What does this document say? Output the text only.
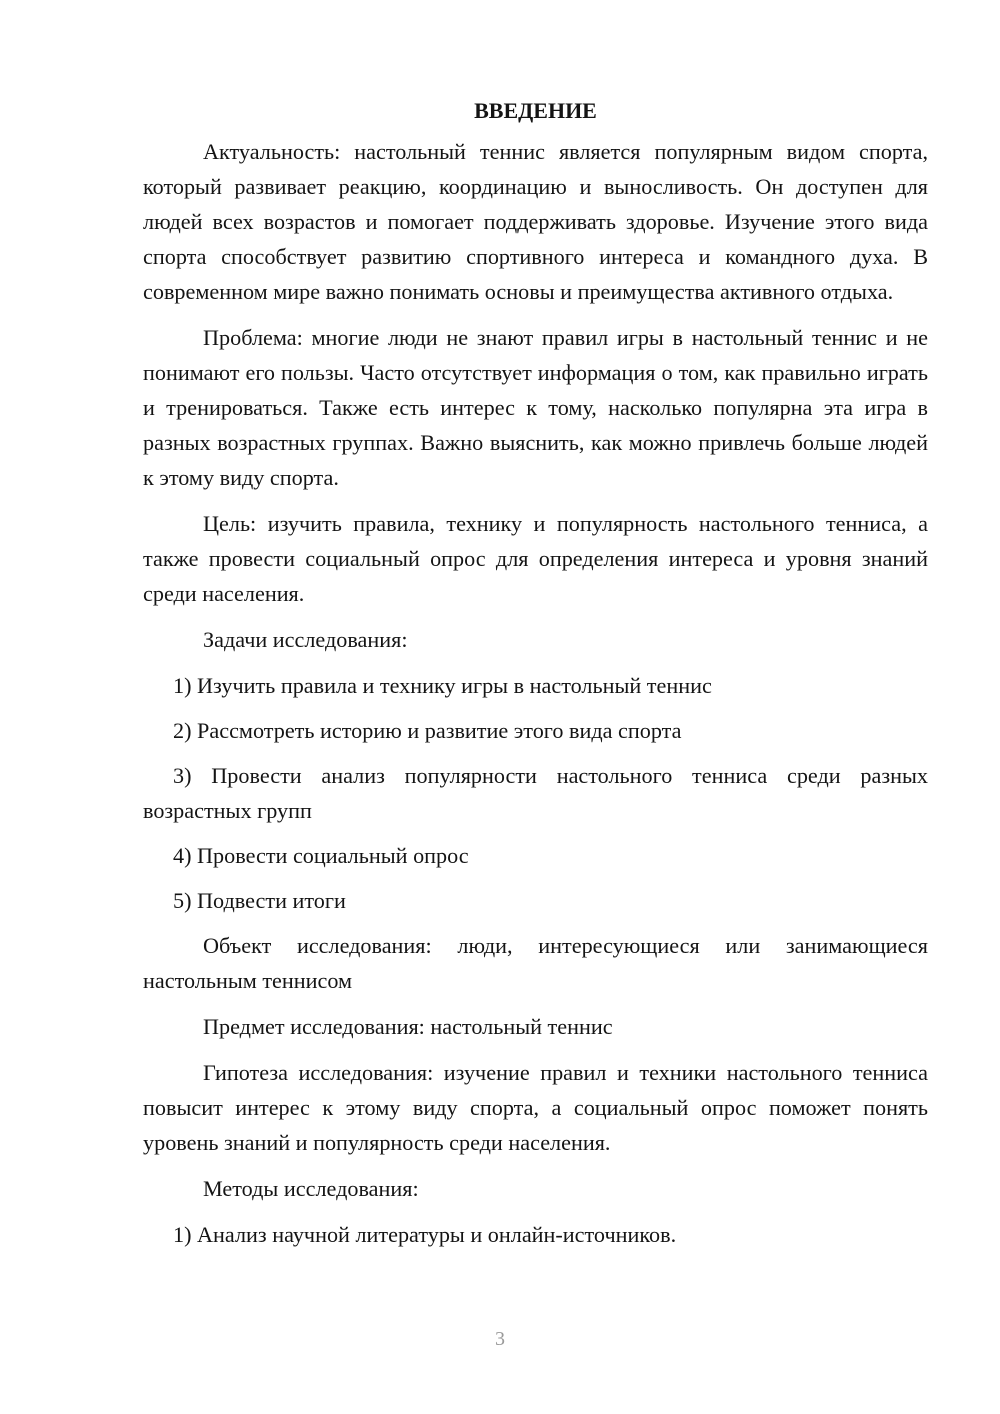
ВВЕДЕНИЕ

Актуальность: настольный теннис является популярным видом спорта, который развивает реакцию, координацию и выносливость. Он доступен для людей всех возрастов и помогает поддерживать здоровье. Изучение этого вида спорта способствует развитию спортивного интереса и командного духа. В современном мире важно понимать основы и преимущества активного отдыха.

Проблема: многие люди не знают правил игры в настольный теннис и не понимают его пользы. Часто отсутствует информация о том, как правильно играть и тренироваться. Также есть интерес к тому, насколько популярна эта игра в разных возрастных группах. Важно выяснить, как можно привлечь больше людей к этому виду спорта.

Цель: изучить правила, технику и популярность настольного тенниса, а также провести социальный опрос для определения интереса и уровня знаний среди населения.

Задачи исследования:

1) Изучить правила и технику игры в настольный теннис

2) Рассмотреть историю и развитие этого вида спорта

3) Провести анализ популярности настольного тенниса среди разных возрастных групп

4) Провести социальный опрос

5) Подвести итоги

Объект исследования: люди, интересующиеся или занимающиеся настольным теннисом

Предмет исследования: настольный теннис

Гипотеза исследования: изучение правил и техники настольного тенниса повысит интерес к этому виду спорта, а социальный опрос поможет понять уровень знаний и популярность среди населения.

Методы исследования:

1) Анализ научной литературы и онлайн-источников.

3
